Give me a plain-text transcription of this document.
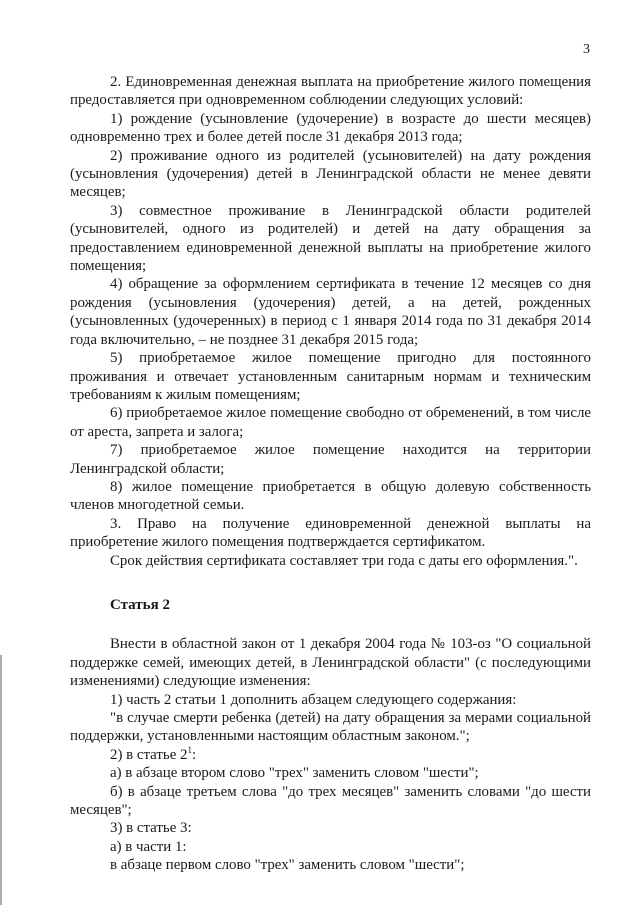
3

2. Единовременная денежная выплата на приобретение жилого помещения предоставляется при одновременном соблюдении следующих условий:

1) рождение (усыновление (удочерение) в возрасте до шести месяцев) одновременно трех и более детей после 31 декабря 2013 года;

2) проживание одного из родителей (усыновителей) на дату рождения (усыновления (удочерения) детей в Ленинградской области не менее девяти месяцев;

3) совместное проживание в Ленинградской области родителей (усыновителей, одного из родителей) и детей на дату обращения за предоставлением единовременной денежной выплаты на приобретение жилого помещения;

4) обращение за оформлением сертификата в течение 12 месяцев со дня рождения (усыновления (удочерения) детей, а на детей, рожденных (усыновленных (удочеренных) в период с 1 января 2014 года по 31 декабря 2014 года включительно, – не позднее 31 декабря 2015 года;

5) приобретаемое жилое помещение пригодно для постоянного проживания и отвечает установленным санитарным нормам и техническим требованиям к жилым помещениям;

6) приобретаемое жилое помещение свободно от обременений, в том числе от ареста, запрета и залога;

7) приобретаемое жилое помещение находится на территории Ленинградской области;

8) жилое помещение приобретается в общую долевую собственность членов многодетной семьи.

3. Право на получение единовременной денежной выплаты на приобретение жилого помещения подтверждается сертификатом.

Срок действия сертификата составляет три года с даты его оформления.".

Статья 2

Внести в областной закон от 1 декабря 2004 года № 103-оз "О социальной поддержке семей, имеющих детей, в Ленинградской области" (с последующими изменениями) следующие изменения:

1) часть 2 статьи 1 дополнить абзацем следующего содержания:

"в случае смерти ребенка (детей) на дату обращения за мерами социальной поддержки, установленными настоящим областным законом.";

2) в статье $2^1$:

а) в абзаце втором слово "трех" заменить словом "шести";

б) в абзаце третьем слова "до трех месяцев" заменить словами "до шести месяцев";

3) в статье 3:

а) в части 1:

в абзаце первом слово "трех" заменить словом "шести";
